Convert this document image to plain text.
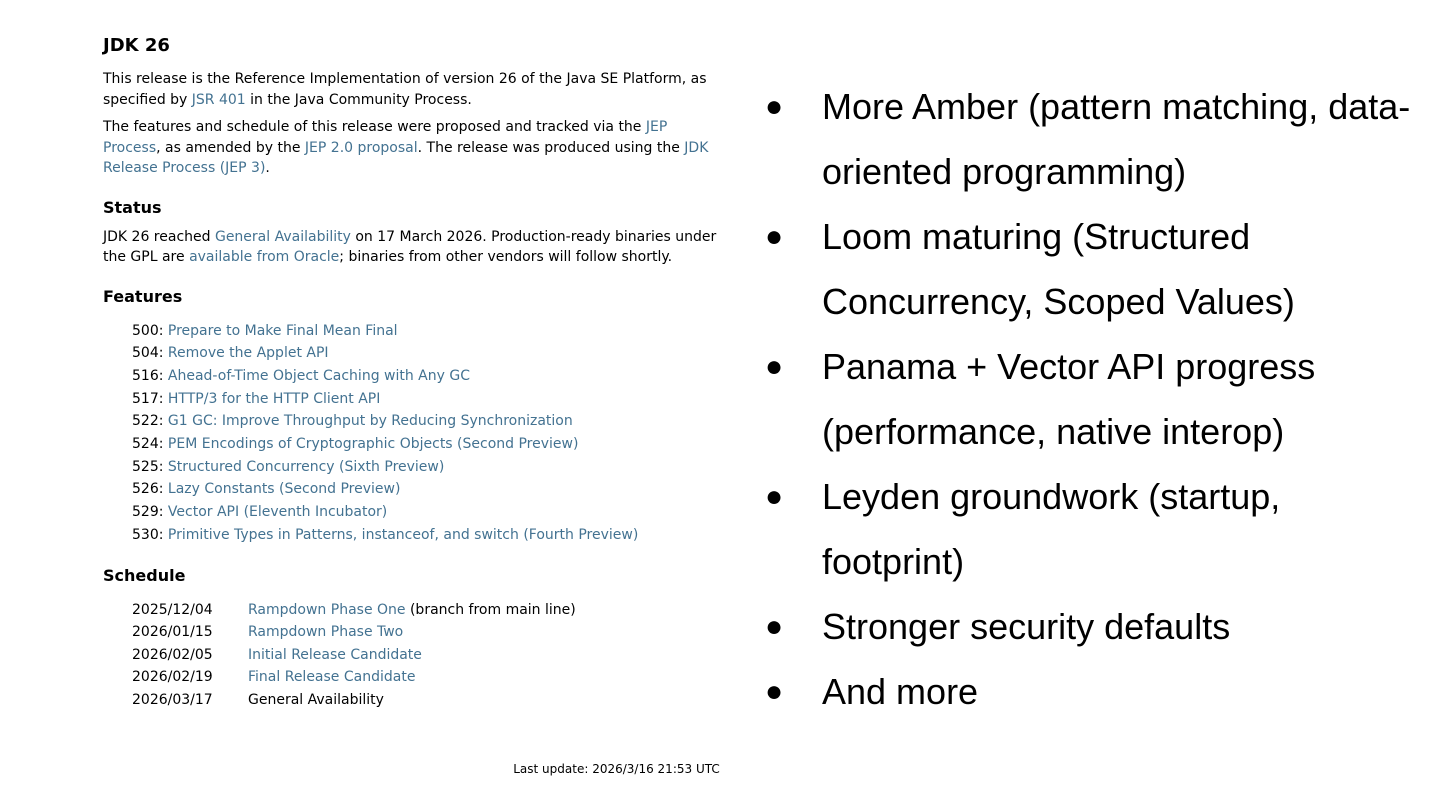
JDK 26

This release is the Reference Implementation of version 26 of the Java SE Platform, as specified by JSR 401 in the Java Community Process.

The features and schedule of this release were proposed and tracked via the JEP Process, as amended by the JEP 2.0 proposal. The release was produced using the JDK Release Process (JEP 3).

Status

JDK 26 reached General Availability on 17 March 2026. Production-ready binaries under the GPL are available from Oracle; binaries from other vendors will follow shortly.

Features
500: Prepare to Make Final Mean Final
504: Remove the Applet API
516: Ahead-of-Time Object Caching with Any GC
517: HTTP/3 for the HTTP Client API
522: G1 GC: Improve Throughput by Reducing Synchronization
524: PEM Encodings of Cryptographic Objects (Second Preview)
525: Structured Concurrency (Sixth Preview)
526: Lazy Constants (Second Preview)
529: Vector API (Eleventh Incubator)
530: Primitive Types in Patterns, instanceof, and switch (Fourth Preview)
Schedule
2025/12/04	Rampdown Phase One (branch from main line)
2026/01/15	Rampdown Phase Two
2026/02/05	Initial Release Candidate
2026/02/19	Final Release Candidate
2026/03/17	General Availability
Last update: 2026/3/16 21:53 UTC
● More Amber (pattern matching, data-oriented programming)
● Loom maturing (Structured Concurrency, Scoped Values)
● Panama + Vector API progress (performance, native interop)
● Leyden groundwork (startup, footprint)
● Stronger security defaults
● And more
